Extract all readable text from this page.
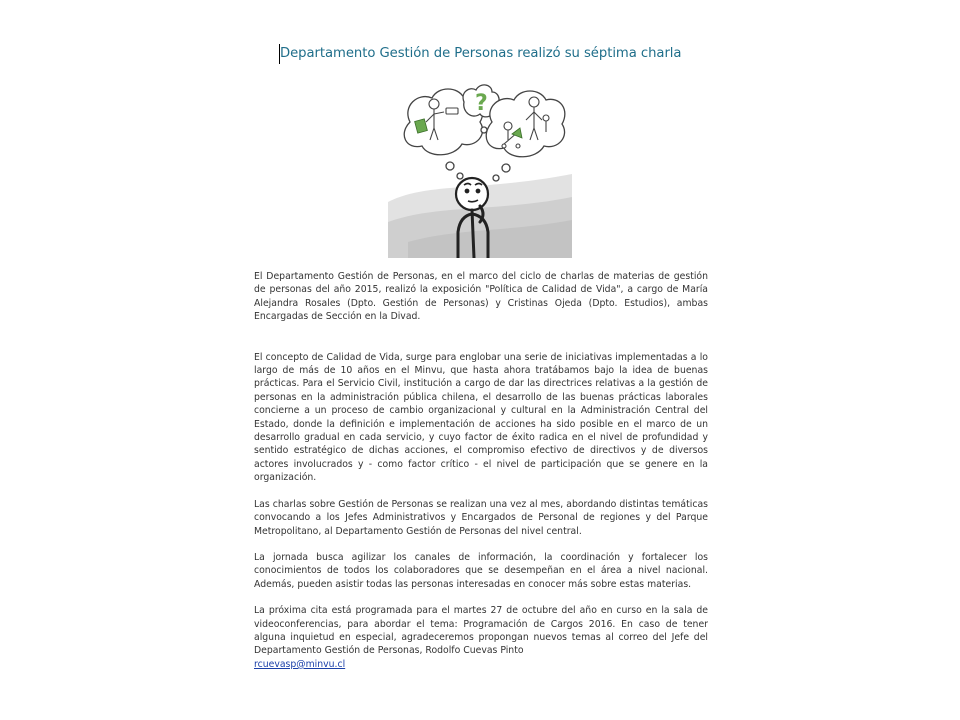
Departamento Gestión de Personas realizó su séptima charla
?

El Departamento Gestión de Personas, en el marco del ciclo de charlas de materias de gestión de personas del año 2015, realizó la exposición "Política de Calidad de Vida", a cargo de María Alejandra Rosales (Dpto. Gestión de Personas) y Cristinas Ojeda (Dpto. Estudios), ambas Encargadas de Sección en la Divad.

El concepto de Calidad de Vida, surge para englobar una serie de iniciativas implementadas a lo largo de más de 10 años en el Minvu, que hasta ahora tratábamos bajo la idea de buenas prácticas. Para el Servicio Civil, institución a cargo de dar las directrices relativas a la gestión de personas en la administración pública chilena, el desarrollo de las buenas prácticas laborales concierne a un proceso de cambio organizacional y cultural en la Administración Central del Estado, donde la definición e implementación de acciones ha sido posible en el marco de un desarrollo gradual en cada servicio, y cuyo factor de éxito radica en el nivel de profundidad y sentido estratégico de dichas acciones, el compromiso efectivo de directivos y de diversos actores involucrados y - como factor crítico - el nivel de participación que se genere en la organización.

Las charlas sobre Gestión de Personas se realizan una vez al mes, abordando distintas temáticas convocando a los Jefes Administrativos y Encargados de Personal de regiones y del Parque Metropolitano, al Departamento Gestión de Personas del nivel central.

La jornada busca agilizar los canales de información, la coordinación y fortalecer los conocimientos de todos los colaboradores que se desempeñan en el área a nivel nacional. Además, pueden asistir todas las personas interesadas en conocer más sobre estas materias.

La próxima cita está programada para el martes 27 de octubre del año en curso en la sala de videoconferencias, para abordar el tema: Programación de Cargos 2016. En caso de tener alguna inquietud en especial, agradeceremos propongan nuevos temas al correo del Jefe del Departamento Gestión de Personas, Rodolfo Cuevas Pinto
rcuevasp@minvu.cl
